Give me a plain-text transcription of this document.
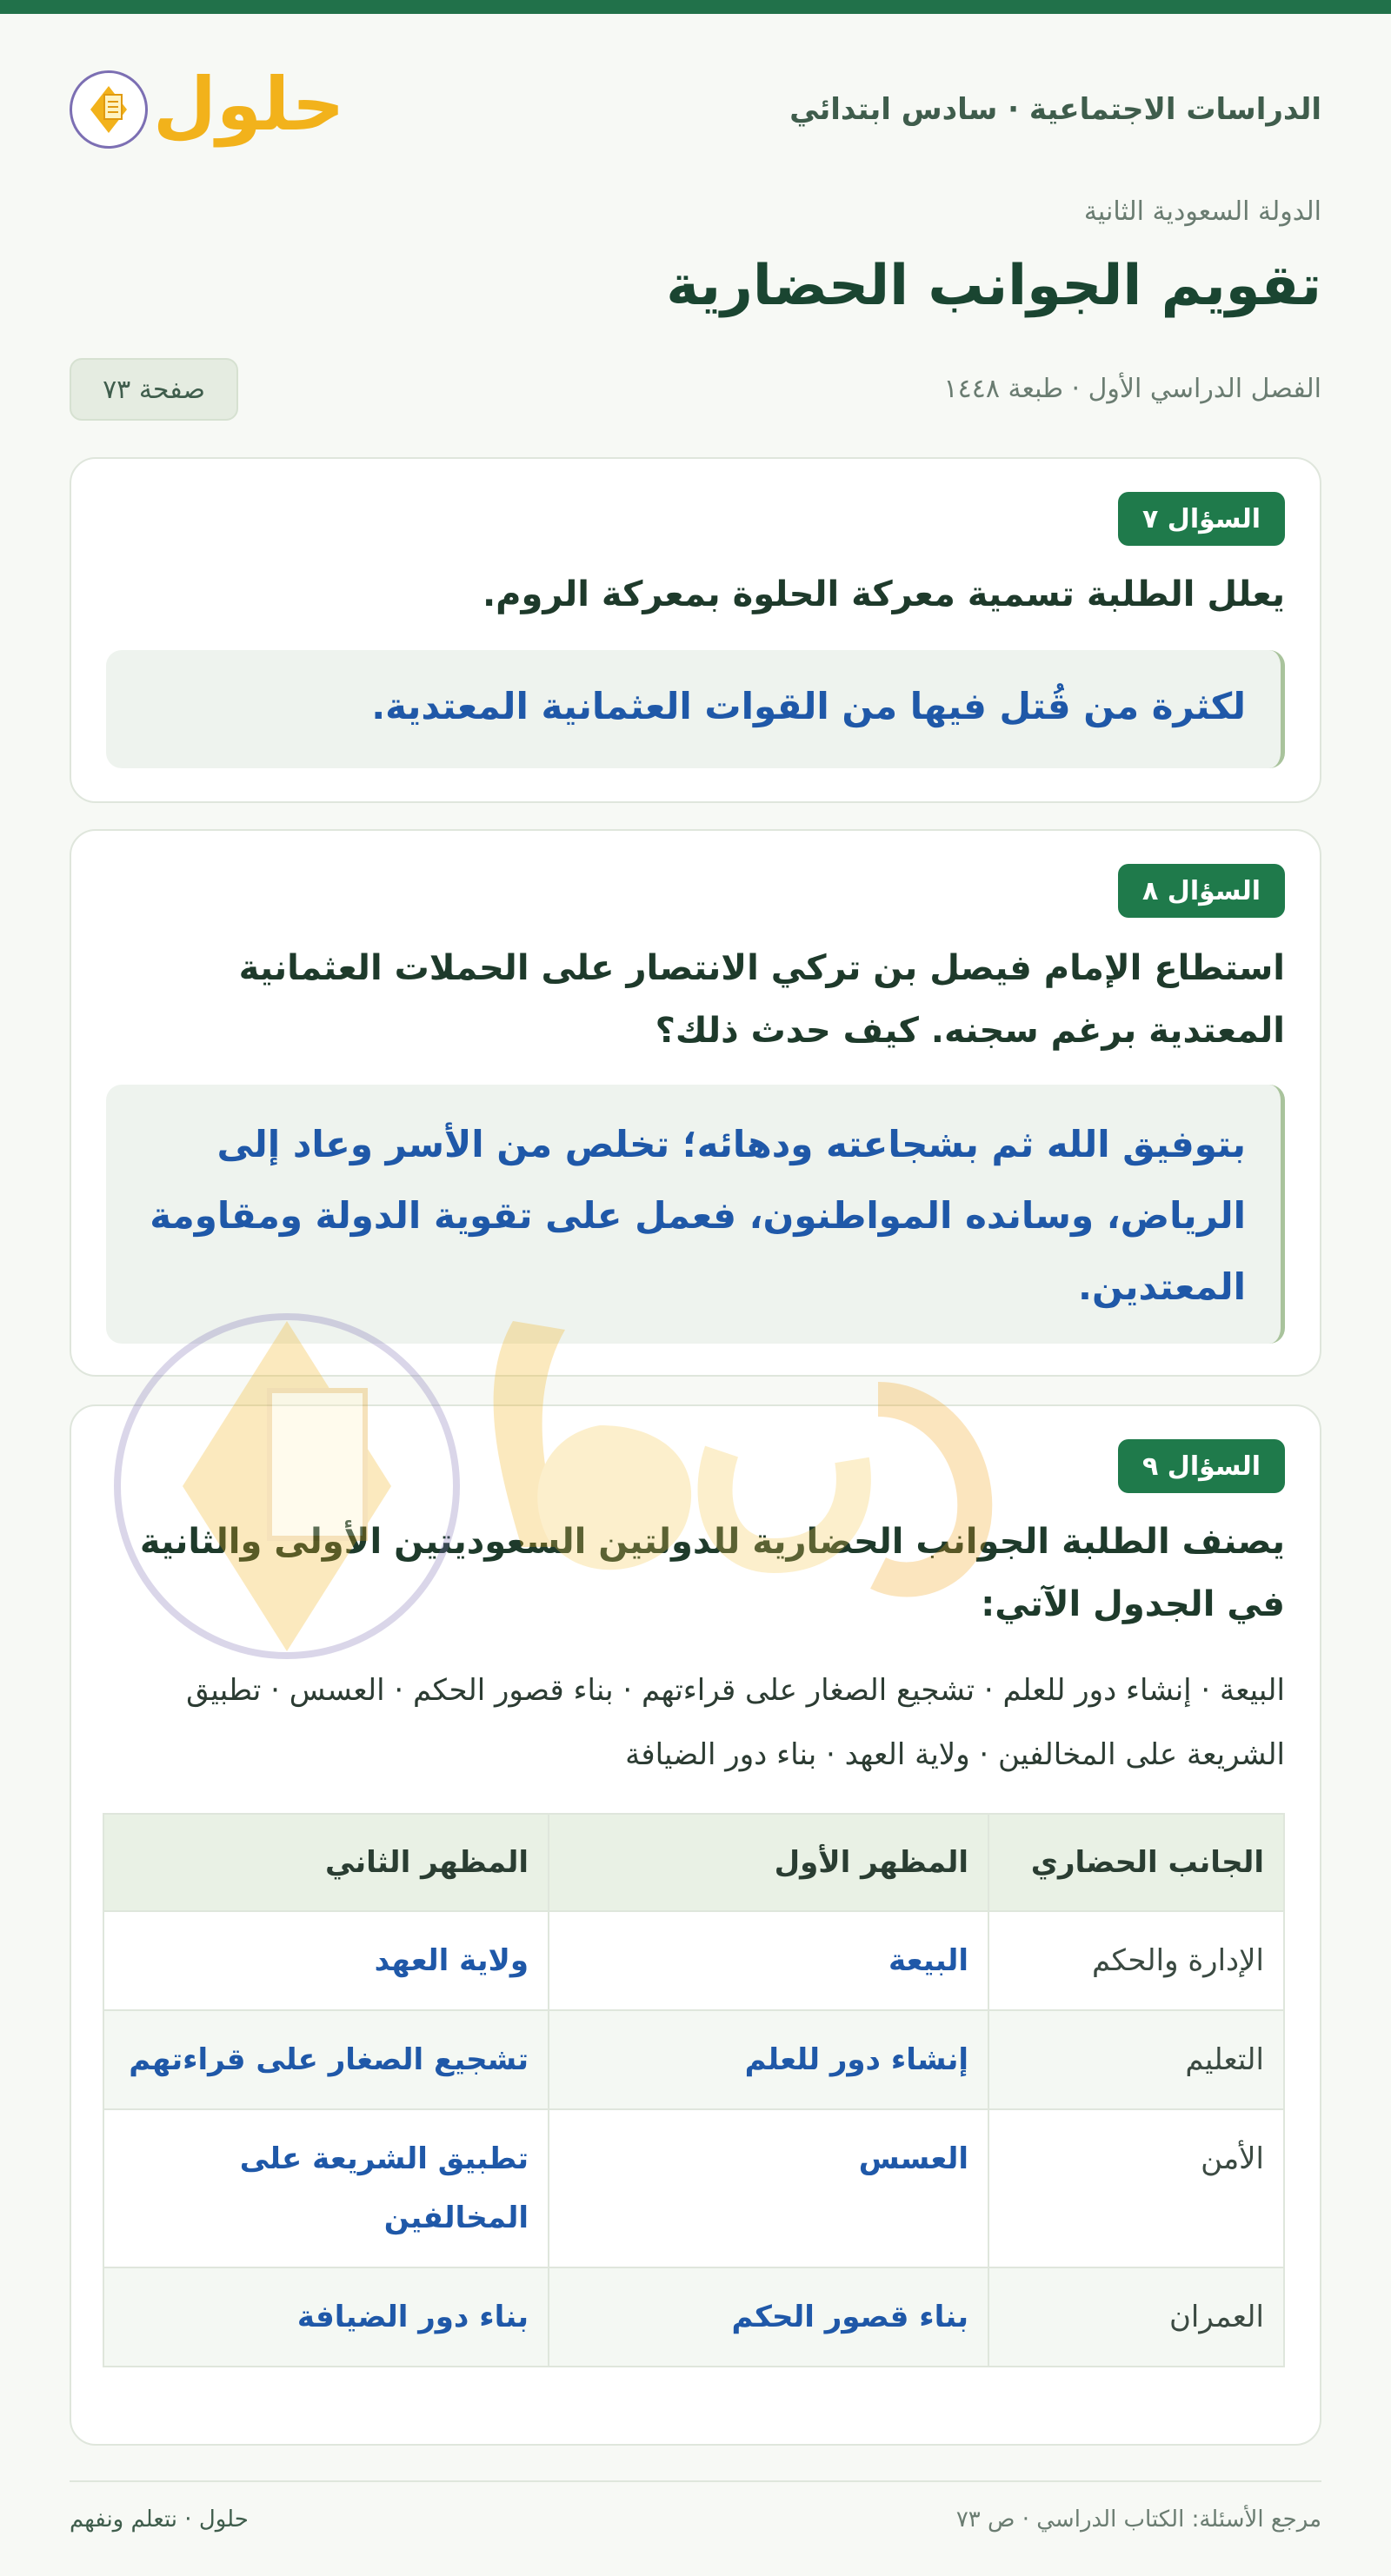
الدراسات الاجتماعية · سادس ابتدائي
حلول
الدولة السعودية الثانية
تقويم الجوانب الحضارية
الفصل الدراسي الأول · طبعة ١٤٤٨
صفحة ٧٣
السؤال ٧
يعلل الطلبة تسمية معركة الحلوة بمعركة الروم.
لكثرة من قُتل فيها من القوات العثمانية المعتدية.
السؤال ٨
استطاع الإمام فيصل بن تركي الانتصار على الحملات العثمانية المعتدية برغم سجنه. كيف حدث ذلك؟
بتوفيق الله ثم بشجاعته ودهائه؛ تخلص من الأسر وعاد إلى الرياض، وسانده المواطنون، فعمل على تقوية الدولة ومقاومة المعتدين.
السؤال ٩
يصنف الطلبة الجوانب الحضارية للدولتين السعوديتين الأولى والثانية في الجدول الآتي:
البيعة · إنشاء دور للعلم · تشجيع الصغار على قراءتهم · بناء قصور الحكم · العسس · تطبيق الشريعة على المخالفين · ولاية العهد · بناء دور الضيافة
الجانب الحضاري	المظهر الأول	المظهر الثاني
الإدارة والحكم	البيعة	ولاية العهد
التعليم	إنشاء دور للعلم	تشجيع الصغار على قراءتهم
الأمن	العسس	تطبيق الشريعة على المخالفين
العمران	بناء قصور الحكم	بناء دور الضيافة
مرجع الأسئلة: الكتاب الدراسي · ص ٧٣
حلول · نتعلم ونفهم
